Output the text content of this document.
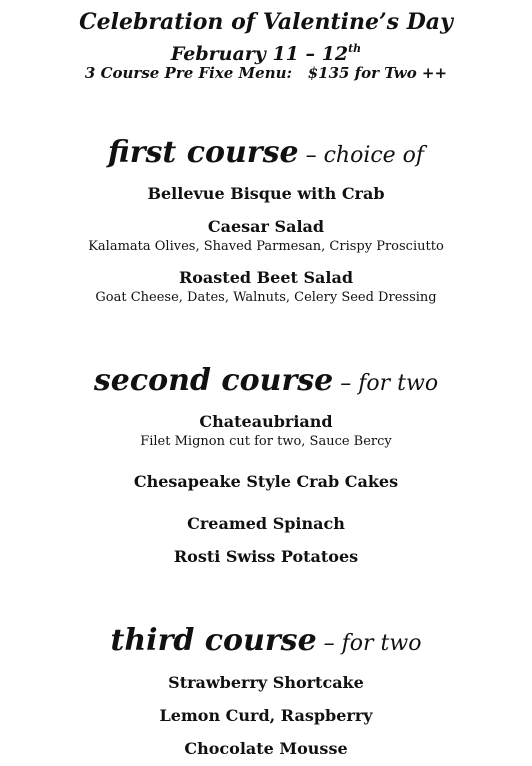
Celebration of Valentine’s Day
February 11 – 12th
3 Course Pre Fixe Menu:   $135 for Two ++
first course – choice of
Bellevue Bisque with Crab
Caesar Salad
Kalamata Olives, Shaved Parmesan, Crispy Prosciutto
Roasted Beet Salad
Goat Cheese, Dates, Walnuts, Celery Seed Dressing
second course – for two
Chateaubriand
Filet Mignon cut for two, Sauce Bercy
Chesapeake Style Crab Cakes
Creamed Spinach
Rosti Swiss Potatoes
third course – for two
Strawberry Shortcake
Lemon Curd, Raspberry
Chocolate Mousse
